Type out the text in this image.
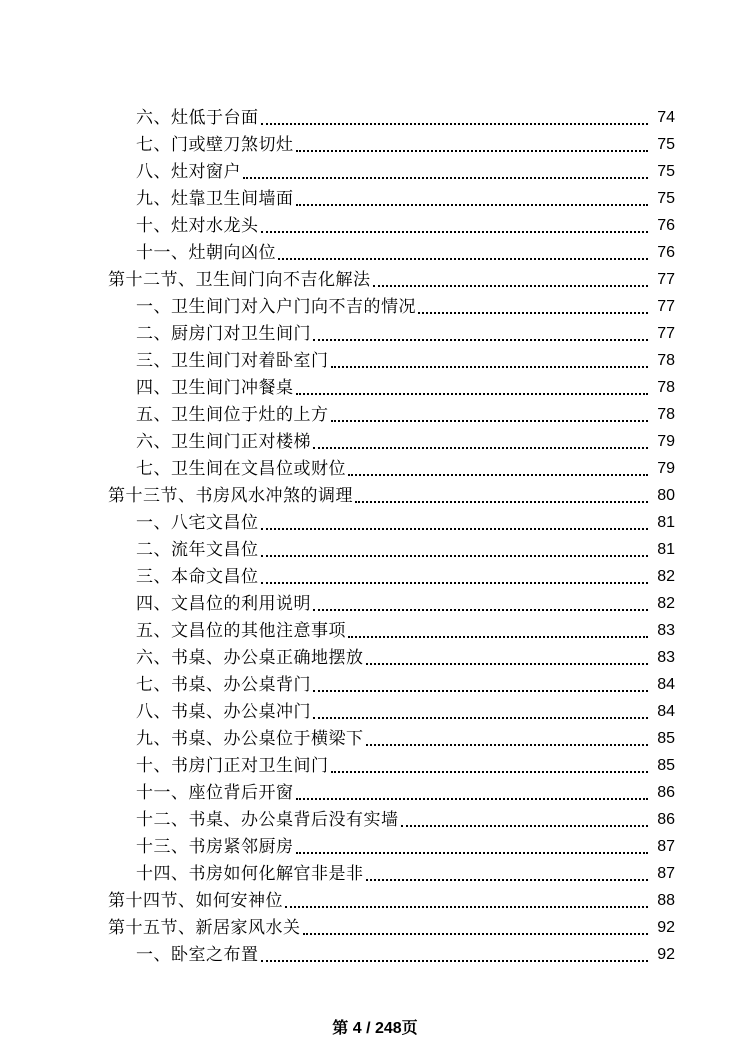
六、灶低于台面	74
七、门或壁刀煞切灶	75
八、灶对窗户	75
九、灶靠卫生间墙面	75
十、灶对水龙头	76
十一、灶朝向凶位	76
第十二节、卫生间门向不吉化解法	77
一、卫生间门对入户门向不吉的情况	77
二、厨房门对卫生间门	77
三、卫生间门对着卧室门	78
四、卫生间门冲餐桌	78
五、卫生间位于灶的上方	78
六、卫生间门正对楼梯	79
七、卫生间在文昌位或财位	79
第十三节、书房风水冲煞的调理	80
一、八宅文昌位	81
二、流年文昌位	81
三、本命文昌位	82
四、文昌位的利用说明	82
五、文昌位的其他注意事项	83
六、书桌、办公桌正确地摆放	83
七、书桌、办公桌背门	84
八、书桌、办公桌冲门	84
九、书桌、办公桌位于横梁下	85
十、书房门正对卫生间门	85
十一、座位背后开窗	86
十二、书桌、办公桌背后没有实墙	86
十三、书房紧邻厨房	87
十四、书房如何化解官非是非	87
第十四节、如何安神位	88
第十五节、新居家风水关	92
一、卧室之布置	92
第 4 / 248页
